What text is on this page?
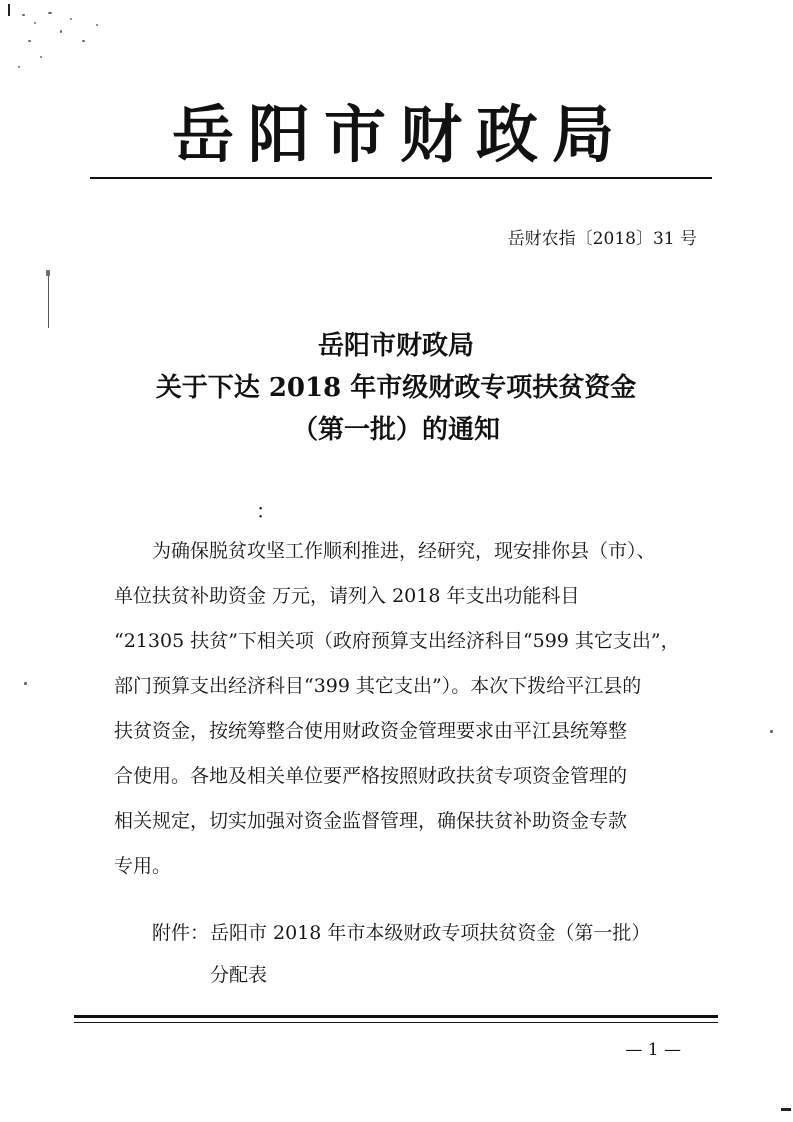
岳阳市财政局
岳财农指〔2018〕31 号
岳阳市财政局
关于下达 2018 年市级财政专项扶贫资金
（第一批）的通知
：
为确保脱贫攻坚工作顺利推进，经研究，现安排你县（市）、
单位扶贫补助资金 万元，请列入 2018 年支出功能科目
“21305 扶贫”下相关项（政府预算支出经济科目“599 其它支出”，
部门预算支出经济科目“399 其它支出”）。本次下拨给平江县的
扶贫资金，按统筹整合使用财政资金管理要求由平江县统筹整
合使用。各地及相关单位要严格按照财政扶贫专项资金管理的
相关规定，切实加强对资金监督管理，确保扶贫补助资金专款
专用。
附件： 岳阳市 2018 年市本级财政专项扶贫资金（第一批）
分配表
— 1 —
